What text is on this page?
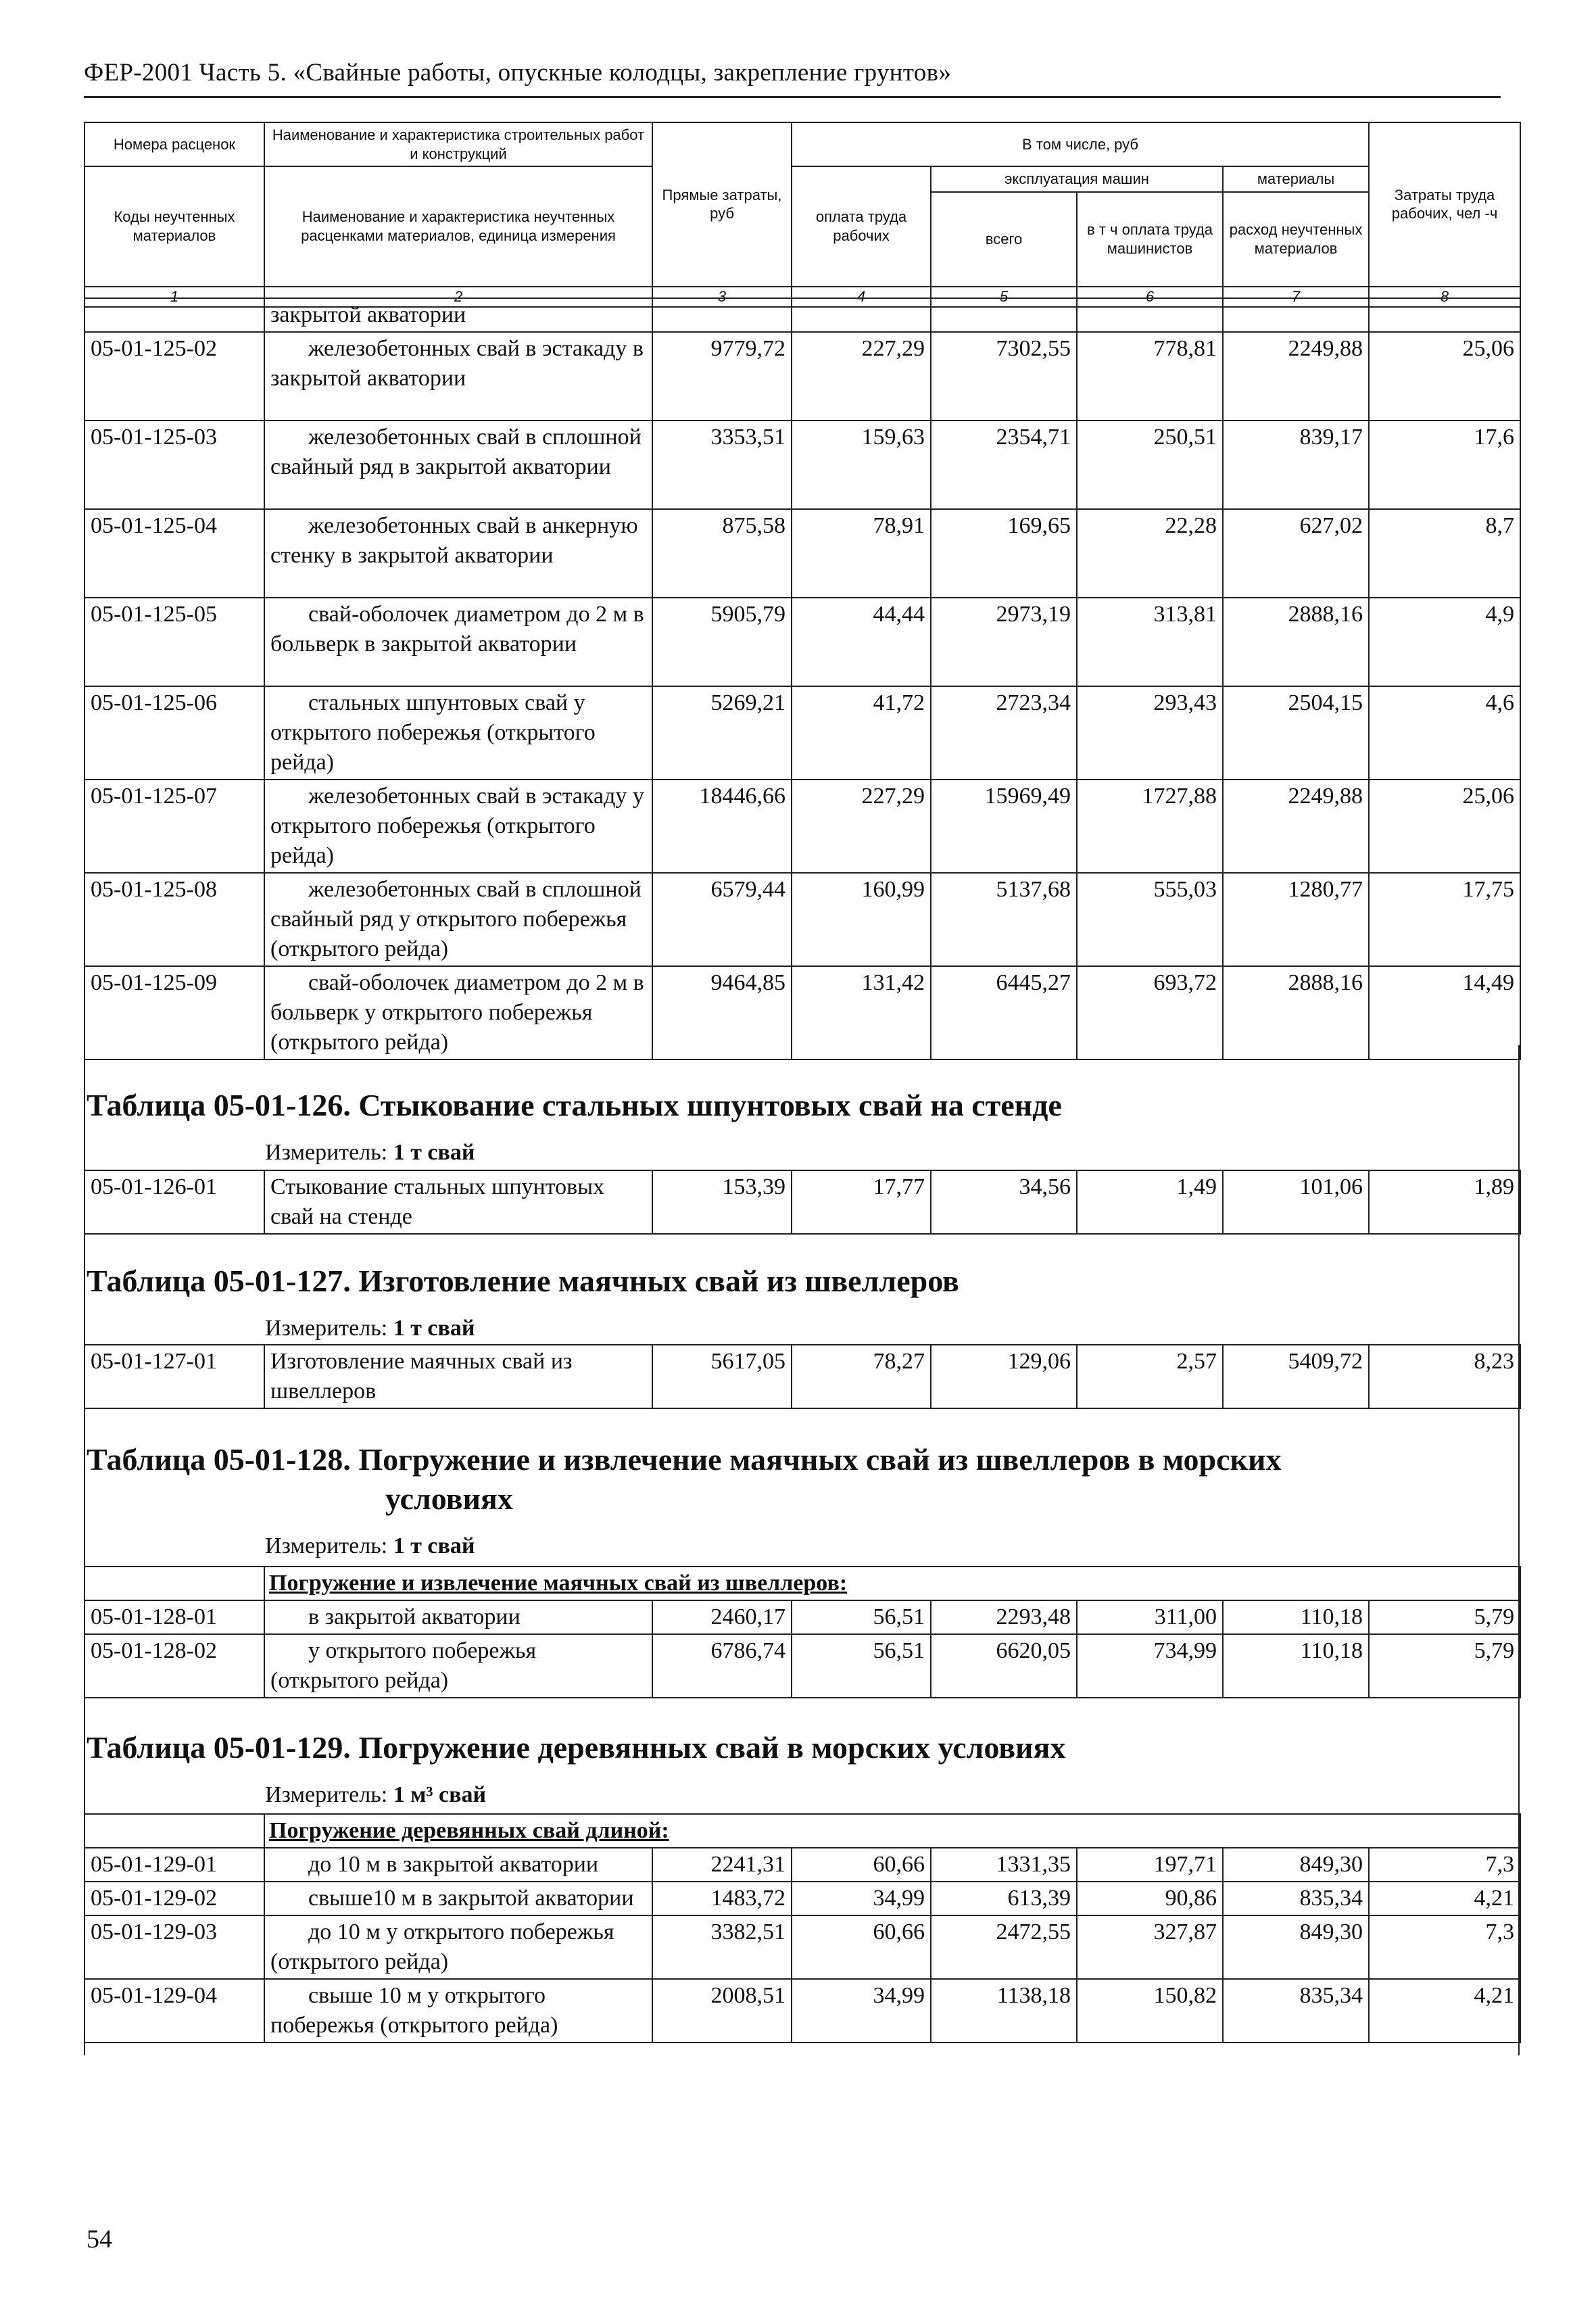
ФЕР-2001 Часть 5. «Свайные работы, опускные колодцы, закрепление грунтов»
Номера расценок	Наименование и характеристика строительных работ и конструкций	Прямые затраты, руб	В том числе, руб				Затраты труда рабочих, чел -ч
Коды неучтенных материалов	Наименование и характеристика неучтенных расценками материалов, единица измерения		оплата труда рабочих	эксплуатация машин		материалы	
				всего	в т ч оплата труда машинистов	расход неучтенных материалов	
1	2	3	4	5	6	7	8
	закрытой акватории						
05-01-125-02	железобетонных свай в эстакаду в закрытой акватории	9779,72	227,29	7302,55	778,81	2249,88	25,06
05-01-125-03	железобетонных свай в сплошной свайный ряд в закрытой акватории	3353,51	159,63	2354,71	250,51	839,17	17,6
05-01-125-04	железобетонных свай в анкерную стенку в закрытой акватории	875,58	78,91	169,65	22,28	627,02	8,7
05-01-125-05	свай-оболочек диаметром до 2 м в больверк в закрытой акватории	5905,79	44,44	2973,19	313,81	2888,16	4,9
05-01-125-06	стальных шпунтовых свай у открытого побережья (открытого рейда)	5269,21	41,72	2723,34	293,43	2504,15	4,6
05-01-125-07	железобетонных свай в эстакаду у открытого побережья (открытого рейда)	18446,66	227,29	15969,49	1727,88	2249,88	25,06
05-01-125-08	железобетонных свай в сплошной свайный ряд у открытого побережья (открытого рейда)	6579,44	160,99	5137,68	555,03	1280,77	17,75
05-01-125-09	свай-оболочек диаметром до 2 м в больверк у открытого побережья (открытого рейда)	9464,85	131,42	6445,27	693,72	2888,16	14,49
Таблица 05-01-126. Стыкование стальных шпунтовых свай на стенде
Измеритель: 1 т свай
05-01-126-01	Стыкование стальных шпунтовых свай на стенде	153,39	17,77	34,56	1,49	101,06	1,89
Таблица 05-01-127. Изготовление маячных свай из швеллеров
Измеритель: 1 т свай
05-01-127-01	Изготовление маячных свай из швеллеров	5617,05	78,27	129,06	2,57	5409,72	8,23
Таблица 05-01-128. Погружение и извлечение маячных свай из швеллеров в морских
условиях
Измеритель: 1 т свай
	Погружение и извлечение маячных свай из швеллеров:						
05-01-128-01	в закрытой акватории	2460,17	56,51	2293,48	311,00	110,18	5,79
05-01-128-02	у открытого побережья (открытого рейда)	6786,74	56,51	6620,05	734,99	110,18	5,79
Таблица 05-01-129. Погружение деревянных свай в морских условиях
Измеритель: 1 м³ свай
	Погружение деревянных свай длиной:						
05-01-129-01	до 10 м в закрытой акватории	2241,31	60,66	1331,35	197,71	849,30	7,3
05-01-129-02	свыше10 м в закрытой акватории	1483,72	34,99	613,39	90,86	835,34	4,21
05-01-129-03	до 10 м у открытого побережья (открытого рейда)	3382,51	60,66	2472,55	327,87	849,30	7,3
05-01-129-04	свыше 10 м у открытого побережья (открытого рейда)	2008,51	34,99	1138,18	150,82	835,34	4,21
54
